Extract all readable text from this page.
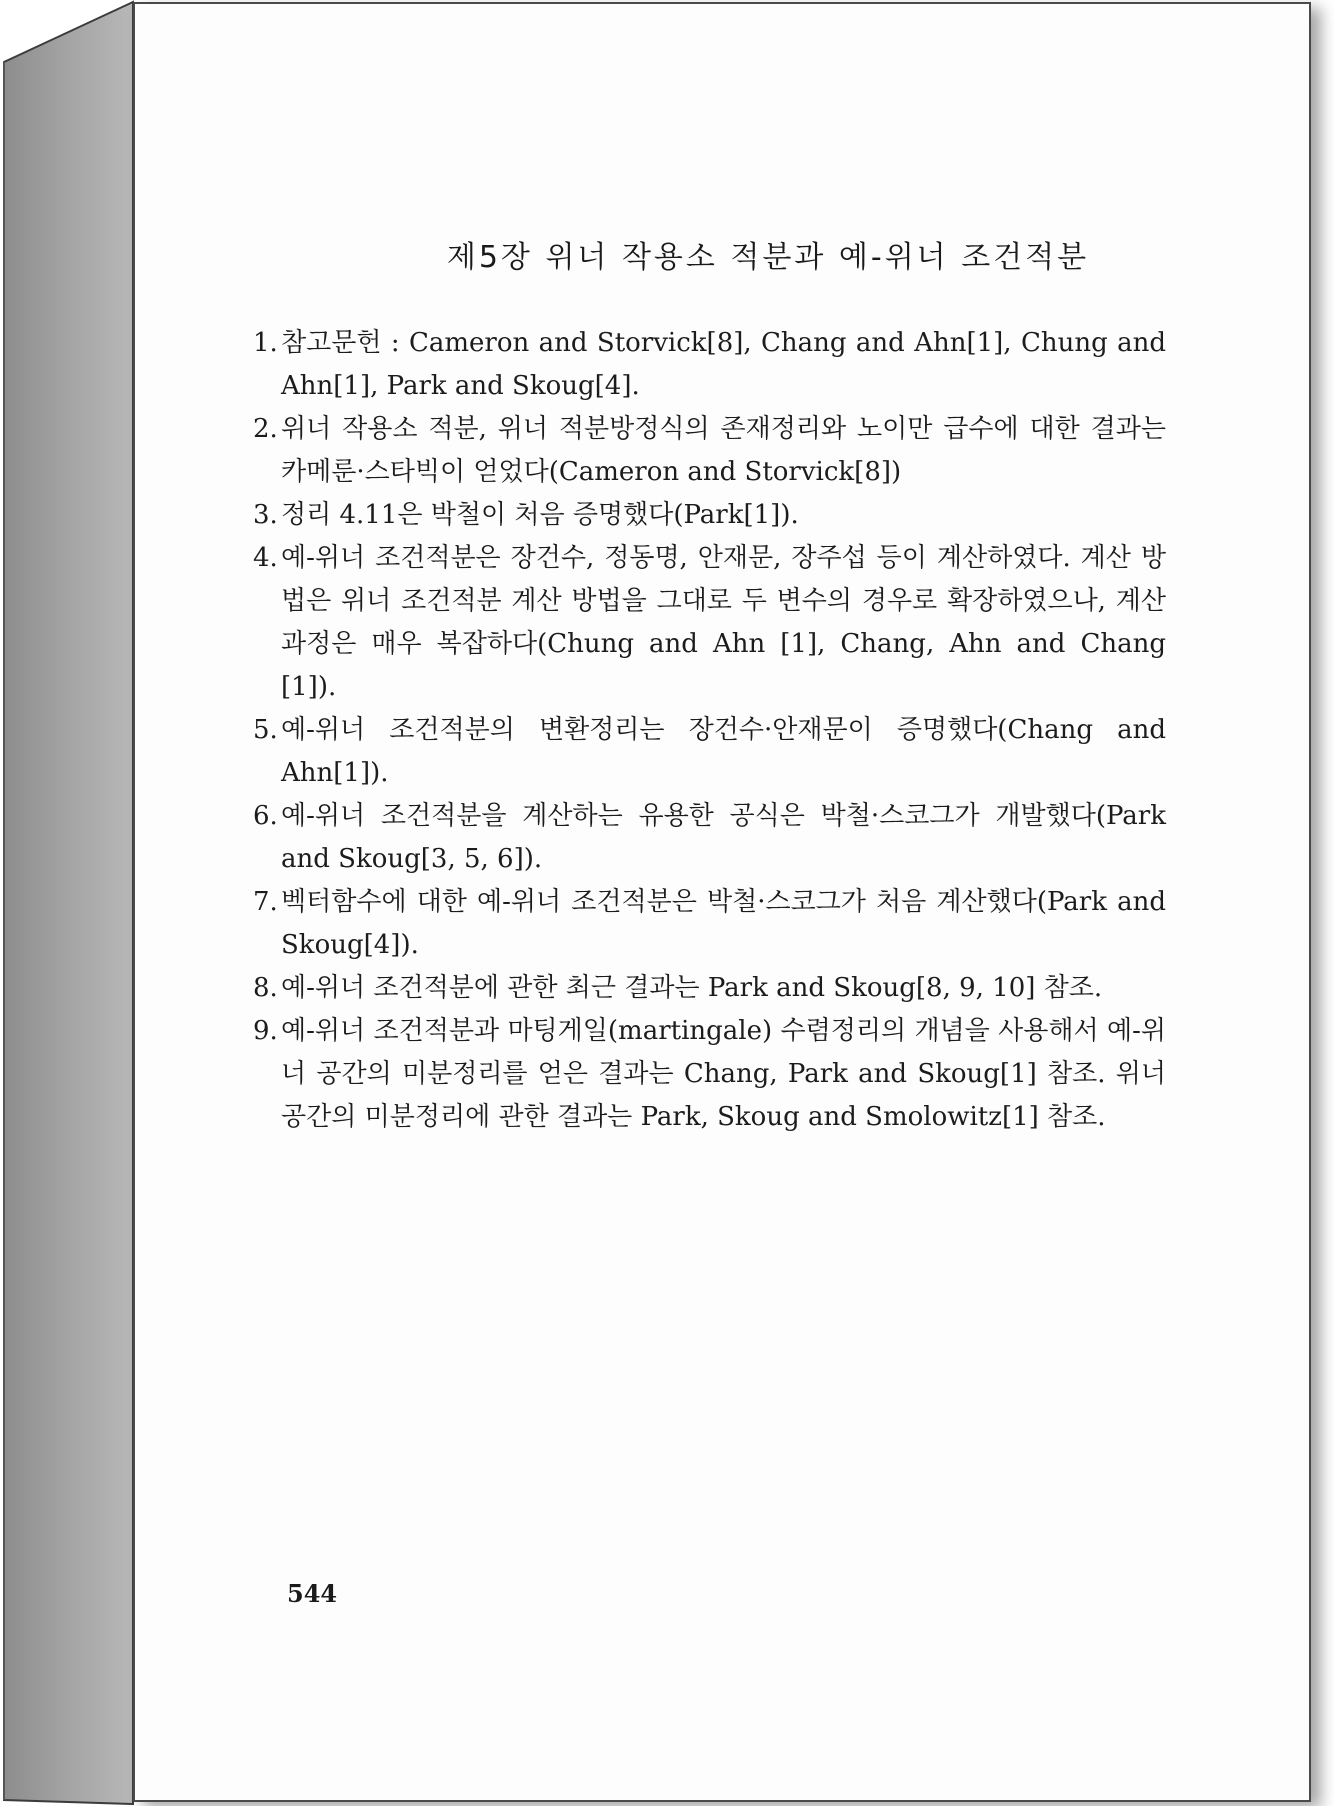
제5장 위너 작용소 적분과 예-위너 조건적분
1. 참고문헌 : Cameron and Storvick[8], Chang and Ahn[1], Chung and Ahn[1], Park and Skoug[4].
2. 위너 작용소 적분, 위너 적분방정식의 존재정리와 노이만 급수에 대한 결과는 카메룬·스타빅이 얻었다(Cameron and Storvick[8])
3. 정리 4.11은 박철이 처음 증명했다(Park[1]).
4. 예-위너 조건적분은 장건수, 정동명, 안재문, 장주섭 등이 계산하였다. 계산 방법은 위너 조건적분 계산 방법을 그대로 두 변수의 경우로 확장하였으나, 계산 과정은 매우 복잡하다(Chung and Ahn [1], Chang, Ahn and Chang [1]).
5. 예-위너 조건적분의 변환정리는 장건수·안재문이 증명했다(Chang and Ahn[1]).
6. 예-위너 조건적분을 계산하는 유용한 공식은 박철·스코그가 개발했다(Park and Skoug[3, 5, 6]).
7. 벡터함수에 대한 예-위너 조건적분은 박철·스코그가 처음 계산했다(Park and Skoug[4]).
8. 예-위너 조건적분에 관한 최근 결과는 Park and Skoug[8, 9, 10] 참조.
9. 예-위너 조건적분과 마팅게일(martingale) 수렴정리의 개념을 사용해서 예-위너 공간의 미분정리를 얻은 결과는 Chang, Park and Skoug[1] 참조. 위너 공간의 미분정리에 관한 결과는 Park, Skoug and Smolowitz[1] 참조.
544
